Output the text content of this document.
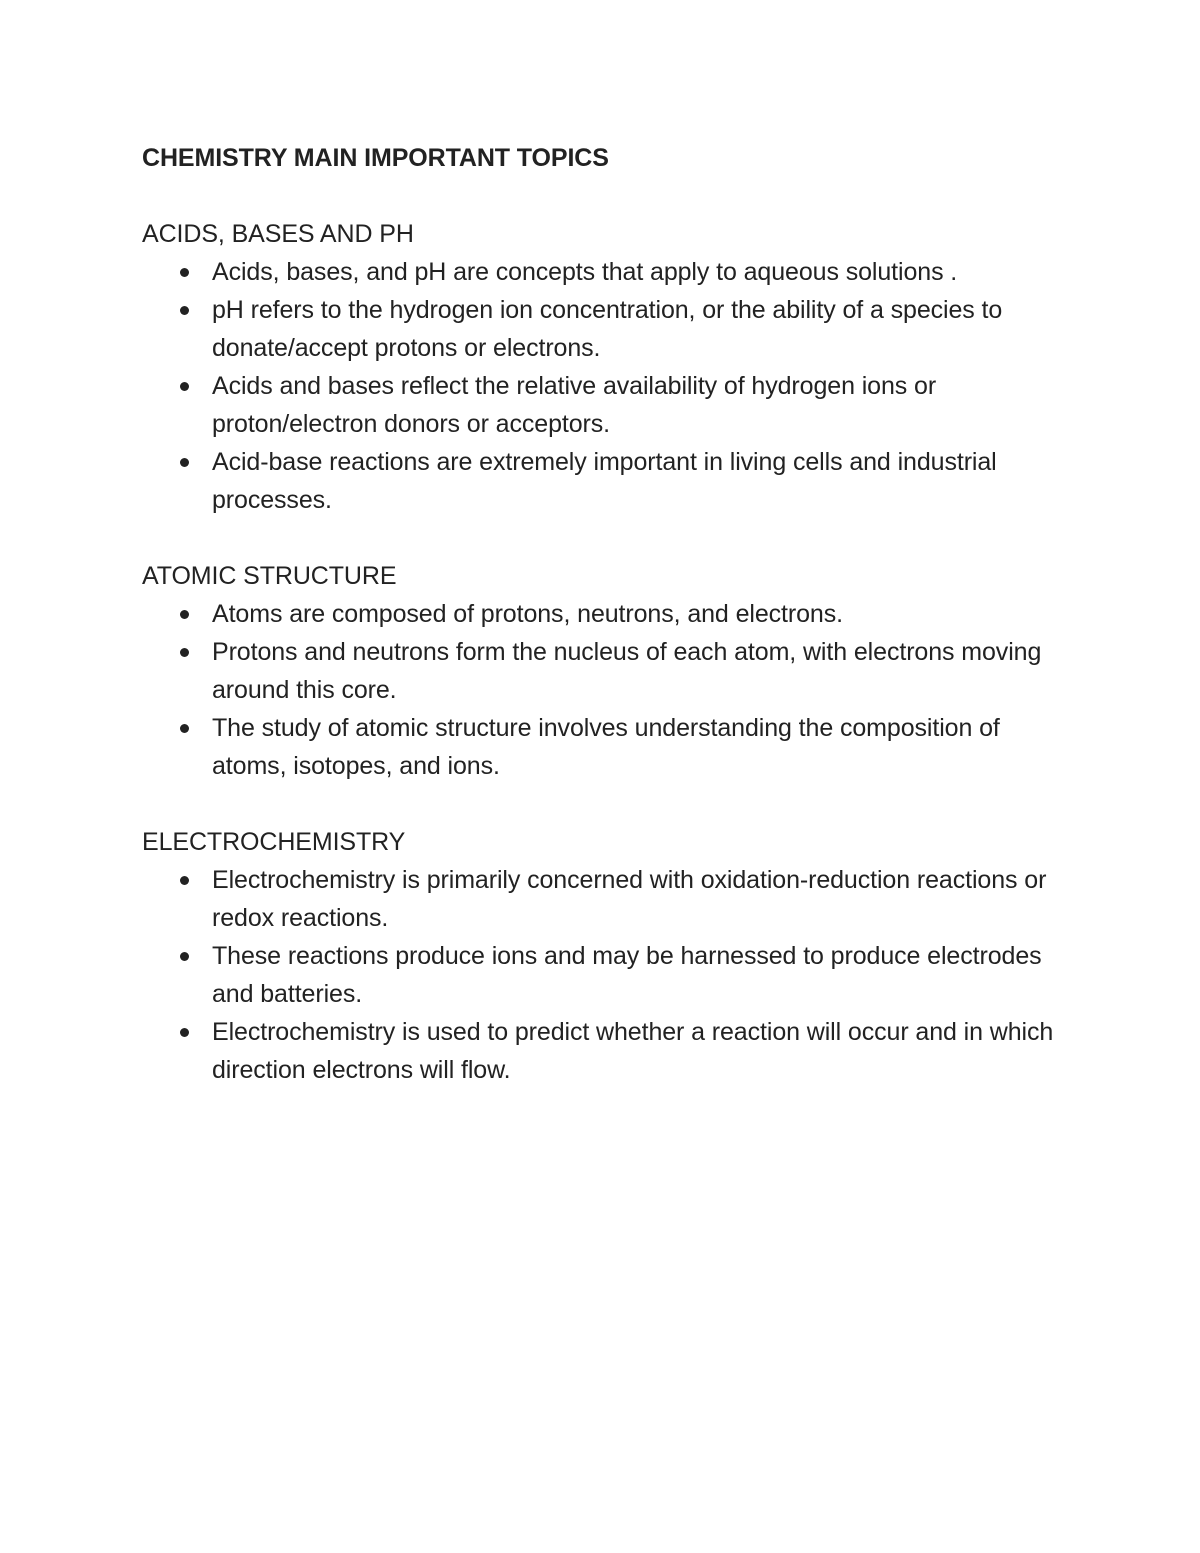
CHEMISTRY MAIN IMPORTANT TOPICS
ACIDS, BASES AND PH
Acids, bases, and pH are concepts that apply to aqueous solutions .
pH refers to the hydrogen ion concentration, or the ability of a species to donate/accept protons or electrons.
Acids and bases reflect the relative availability of hydrogen ions or proton/electron donors or acceptors.
Acid-base reactions are extremely important in living cells and industrial processes.
ATOMIC STRUCTURE
Atoms are composed of protons, neutrons, and electrons.
Protons and neutrons form the nucleus of each atom, with electrons moving around this core.
The study of atomic structure involves understanding the composition of atoms, isotopes, and ions.
ELECTROCHEMISTRY
Electrochemistry is primarily concerned with oxidation-reduction reactions or redox reactions.
These reactions produce ions and may be harnessed to produce electrodes and batteries.
Electrochemistry is used to predict whether a reaction will occur and in which direction electrons will flow.
